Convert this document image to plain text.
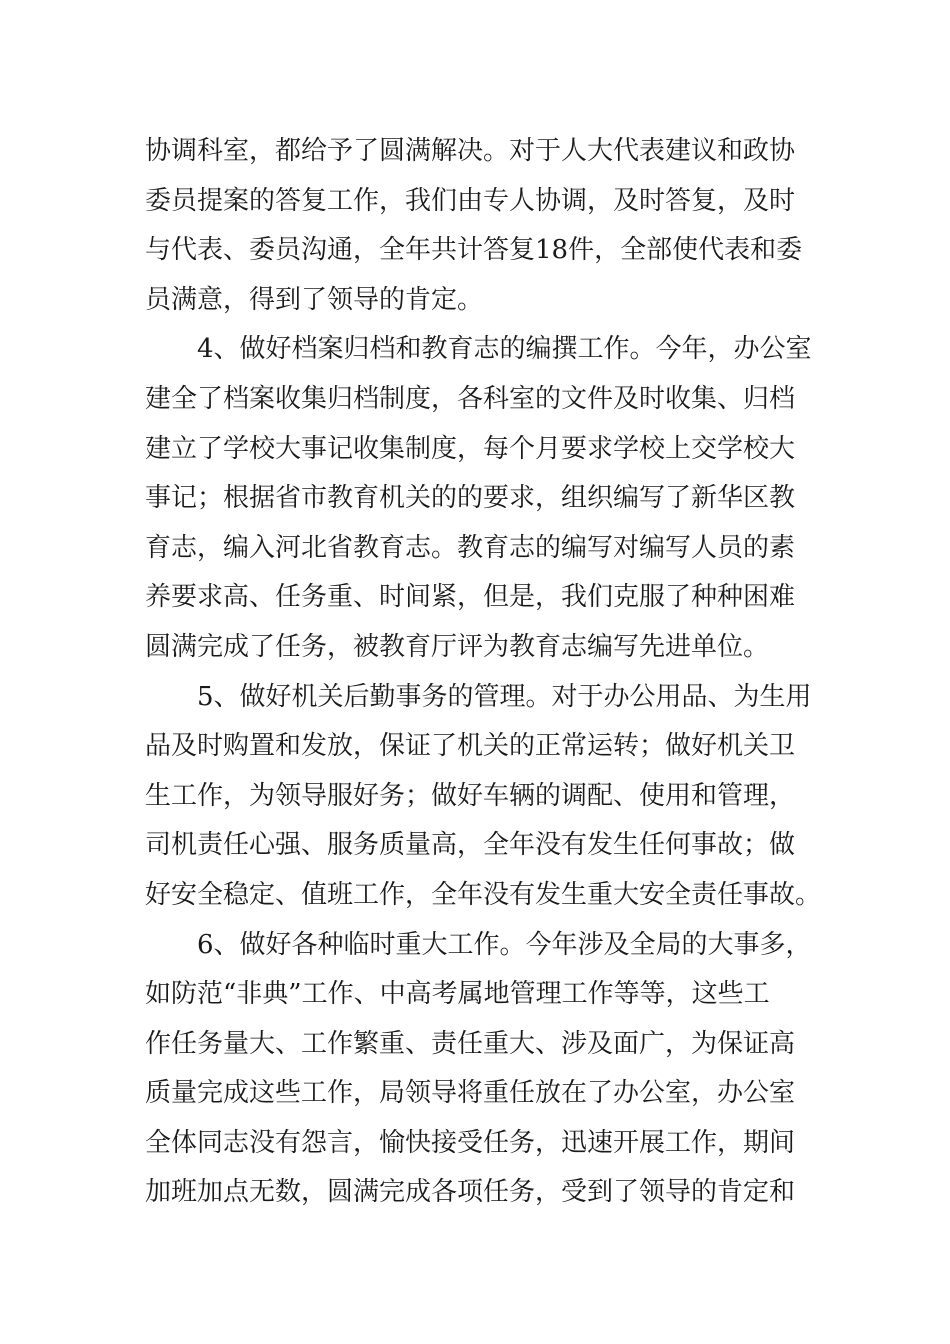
协调科室，都给予了圆满解决。对于人大代表建议和政协
委员提案的答复工作，我们由专人协调，及时答复，及时
与代表、委员沟通，全年共计答复18件，全部使代表和委
员满意，得到了领导的肯定。
4、做好档案归档和教育志的编撰工作。今年，办公室
建全了档案收集归档制度，各科室的文件及时收集、归档
建立了学校大事记收集制度，每个月要求学校上交学校大
事记；根据省市教育机关的的要求，组织编写了新华区教
育志，编入河北省教育志。教育志的编写对编写人员的素
养要求高、任务重、时间紧，但是，我们克服了种种困难
圆满完成了任务，被教育厅评为教育志编写先进单位。
5、做好机关后勤事务的管理。对于办公用品、为生用
品及时购置和发放，保证了机关的正常运转；做好机关卫
生工作，为领导服好务；做好车辆的调配、使用和管理，
司机责任心强、服务质量高，全年没有发生任何事故；做
好安全稳定、值班工作，全年没有发生重大安全责任事故。
6、做好各种临时重大工作。今年涉及全局的大事多，
如防范“非典”工作、中高考属地管理工作等等，这些工
作任务量大、工作繁重、责任重大、涉及面广，为保证高
质量完成这些工作，局领导将重任放在了办公室，办公室
全体同志没有怨言，愉快接受任务，迅速开展工作，期间
加班加点无数，圆满完成各项任务，受到了领导的肯定和
